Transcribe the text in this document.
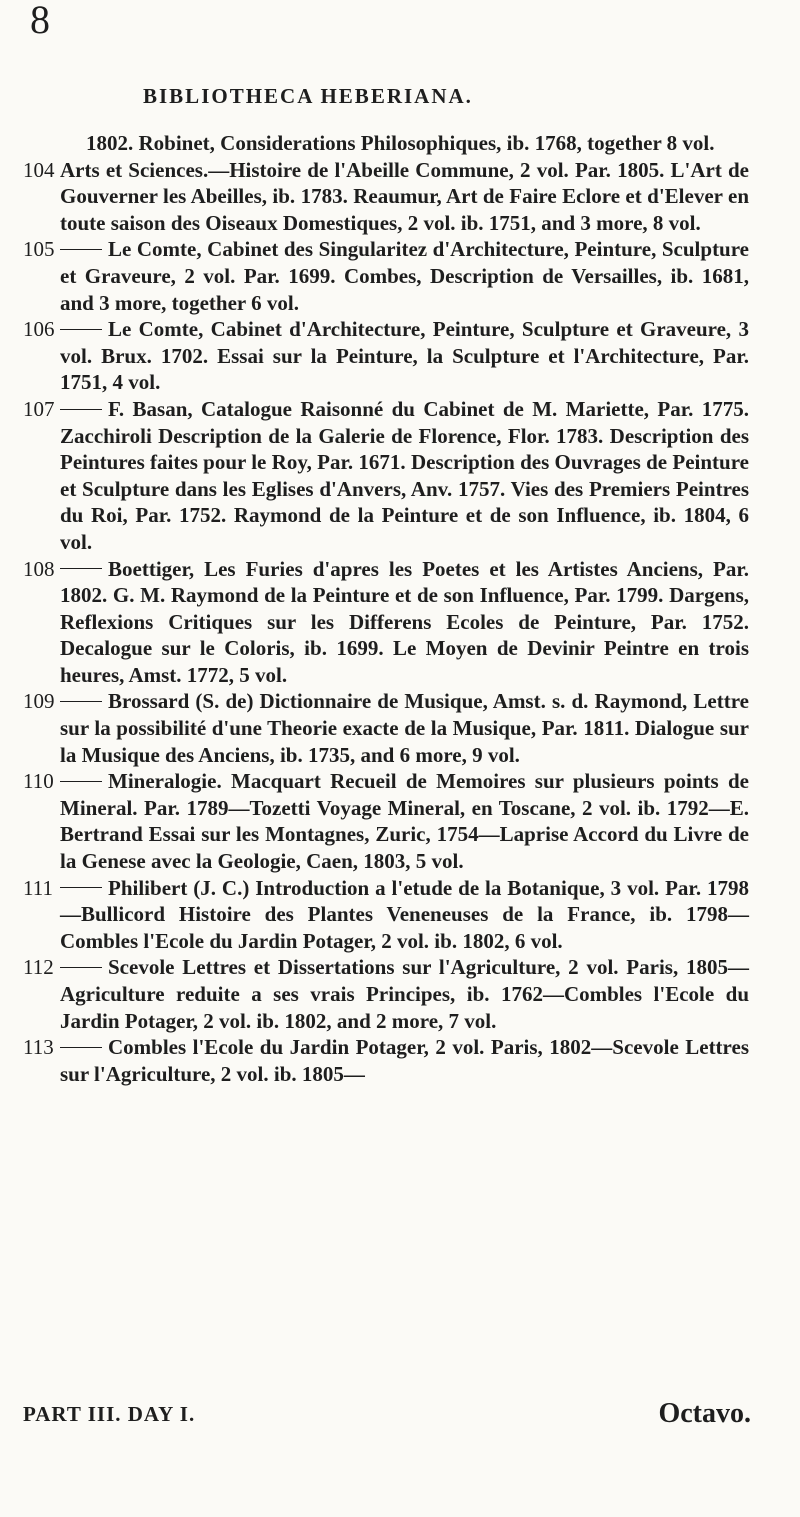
8
BIBLIOTHECA HEBERIANA.
1802. Robinet, Considerations Philosophiques, ib. 1768, together 8 vol.
104 Arts et Sciences.—Histoire de l'Abeille Commune, 2 vol. Par. 1805. L'Art de Gouverner les Abeilles, ib. 1783. Reaumur, Art de Faire Eclore et d'Elever en toute saison des Oiseaux Domestiques, 2 vol. ib. 1751, and 3 more, 8 vol.
105	Le Comte, Cabinet des Singularitez d'Architecture, Peinture, Sculpture et Graveure, 2 vol. Par. 1699. Combes, Description de Versailles, ib. 1681, and 3 more, together 6 vol.
106	Le Comte, Cabinet d'Architecture, Peinture, Sculpture et Graveure, 3 vol. Brux. 1702. Essai sur la Peinture, la Sculpture et l'Architecture, Par. 1751, 4 vol.
107	F. Basan, Catalogue Raisonné du Cabinet de M. Mariette, Par. 1775. Zacchiroli Description de la Galerie de Florence, Flor. 1783. Description des Peintures faites pour le Roy, Par. 1671. Description des Ouvrages de Peinture et Sculpture dans les Eglises d'Anvers, Anv. 1757. Vies des Premiers Peintres du Roi, Par. 1752. Raymond de la Peinture et de son Influence, ib. 1804, 6 vol.
108	Boettiger, Les Furies d'apres les Poetes et les Artistes Anciens, Par. 1802. G. M. Raymond de la Peinture et de son Influence, Par. 1799. Dargens, Reflexions Critiques sur les Differens Ecoles de Peinture, Par. 1752. Decalogue sur le Coloris, ib. 1699. Le Moyen de Devinir Peintre en trois heures, Amst. 1772, 5 vol.
109	Brossard (S. de) Dictionnaire de Musique, Amst. s. d. Raymond, Lettre sur la possibilité d'une Theorie exacte de la Musique, Par. 1811. Dialogue sur la Musique des Anciens, ib. 1735, and 6 more, 9 vol.
110	Mineralogie. Macquart Recueil de Memoires sur plusieurs points de Mineral. Par. 1789—Tozetti Voyage Mineral, en Toscane, 2 vol. ib. 1792—E. Bertrand Essai sur les Montagnes, Zuric, 1754—Laprise Accord du Livre de la Genese avec la Geologie, Caen, 1803, 5 vol.
111	Philibert (J. C.) Introduction a l'etude de la Botanique, 3 vol. Par. 1798—Bullicord Histoire des Plantes Veneneuses de la France, ib. 1798—Combles l'Ecole du Jardin Potager, 2 vol. ib. 1802, 6 vol.
112	Scevole Lettres et Dissertations sur l'Agriculture, 2 vol. Paris, 1805—Agriculture reduite a ses vrais Principes, ib. 1762—Combles l'Ecole du Jardin Potager, 2 vol. ib. 1802, and 2 more, 7 vol.
113	Combles l'Ecole du Jardin Potager, 2 vol. Paris, 1802—Scevole Lettres sur l'Agriculture, 2 vol. ib. 1805—
PART III. DAY I.	Octavo.
